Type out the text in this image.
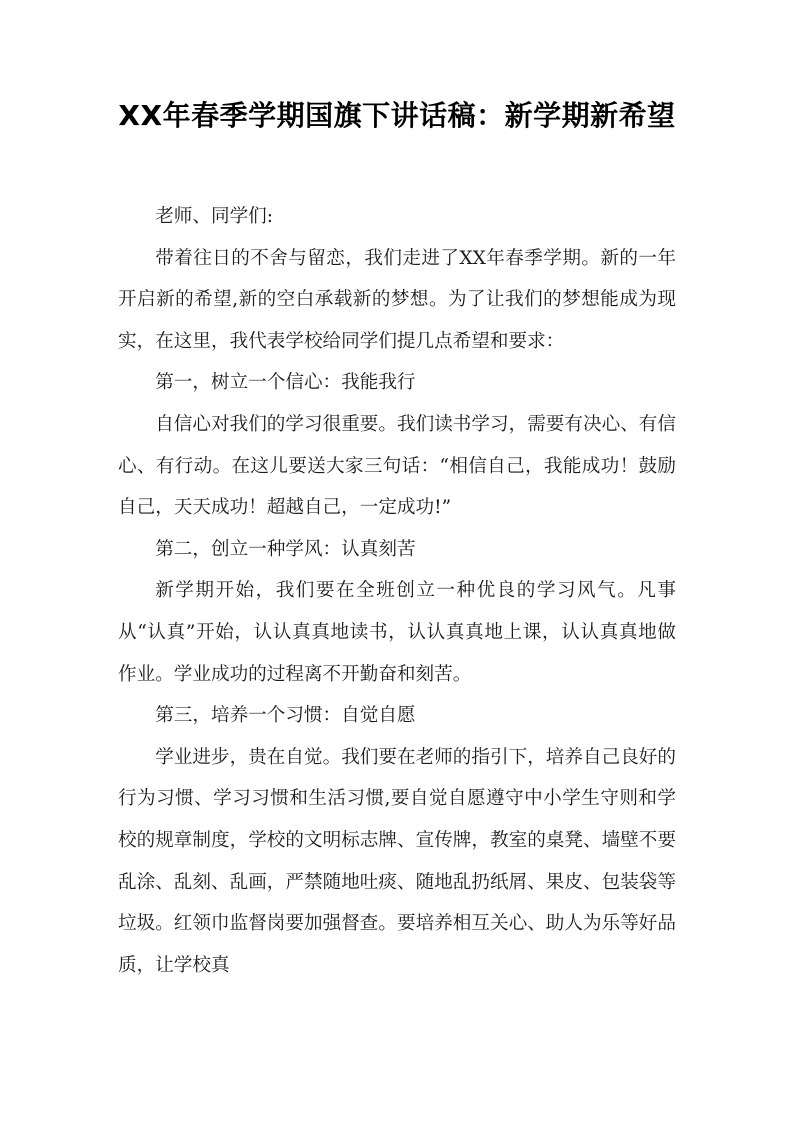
XX年春季学期国旗下讲话稿：新学期新希望

老师、同学们:

带着往日的不舍与留恋，我们走进了XX年春季学期。新的一年开启新的希望,新的空白承载新的梦想。为了让我们的梦想能成为现实，在这里，我代表学校给同学们提几点希望和要求：

第一，树立一个信心：我能我行

自信心对我们的学习很重要。我们读书学习，需要有决心、有信心、有行动。在这儿要送大家三句话：“相信自己，我能成功！鼓励自己，天天成功！超越自己，一定成功!”

第二，创立一种学风：认真刻苦

新学期开始，我们要在全班创立一种优良的学习风气。凡事从“认真”开始，认认真真地读书，认认真真地上课，认认真真地做作业。学业成功的过程离不开勤奋和刻苦。

第三，培养一个习惯：自觉自愿

学业进步，贵在自觉。我们要在老师的指引下，培养自己良好的行为习惯、学习习惯和生活习惯,要自觉自愿遵守中小学生守则和学校的规章制度，学校的文明标志牌、宣传牌，教室的桌凳、墙壁不要乱涂、乱刻、乱画，严禁随地吐痰、随地乱扔纸屑、果皮、包装袋等垃圾。红领巾监督岗要加强督查。要培养相互关心、助人为乐等好品质，让学校真
